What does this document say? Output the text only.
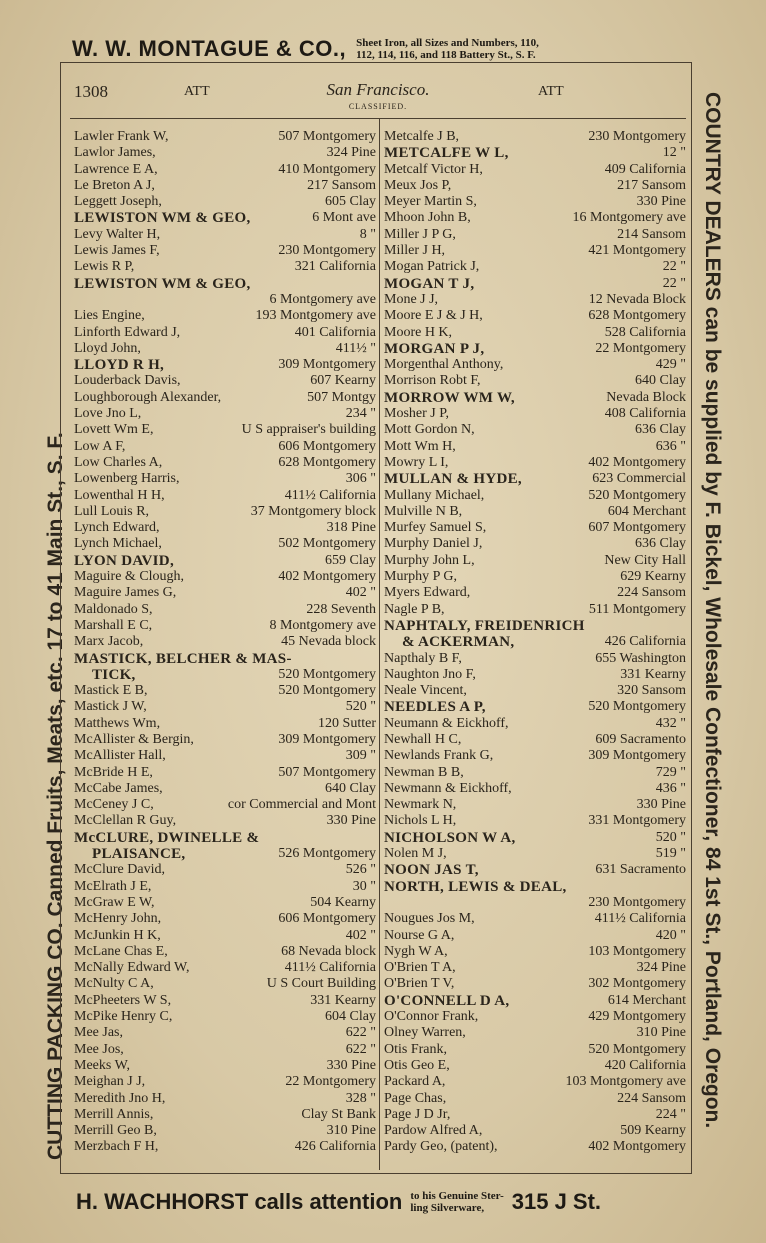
W. W. MONTAGUE & CO., Sheet Iron, all Sizes and Numbers, 110,
112, 114, 116, and 118 Battery St., S. F.
CUTTING PACKING CO. Canned Fruits, Meats, etc. 17 to 41 Main St., S. F.	COUNTRY DEALERS can be supplied by F. Bickel, Wholesale Confectioner, 84 1st St., Portland, Oregon.
1308	ATT	San Francisco.
CLASSIFIED.
ATT
Lawler Frank W,	507 Montgomery
Lawlor James,	324 Pine
Lawrence E A,	410 Montgomery
Le Breton A J,	217 Sansom
Leggett Joseph,	605 Clay
LEWISTON WM & GEO,	6 Mont ave
Levy Walter H,	8 "
Lewis James F,	230 Montgomery
Lewis R P,	321 California
LEWISTON WM & GEO,
6 Montgomery ave
Lies Engine,	193 Montgomery ave
Linforth Edward J,	401 California
Lloyd John,	411½ "
LLOYD R H,	309 Montgomery
Louderback Davis,	607 Kearny
Loughborough Alexander,	507 Montgy
Love Jno L,	234 "
Lovett Wm E,	U S appraiser's building
Low A F,	606 Montgomery
Low Charles A,	628 Montgomery
Lowenberg Harris,	306 "
Lowenthal H H,	411½ California
Lull Louis R,	37 Montgomery block
Lynch Edward,	318 Pine
Lynch Michael,	502 Montgomery
LYON DAVID,	659 Clay
Maguire & Clough,	402 Montgomery
Maguire James G,	402 "
Maldonado S,	228 Seventh
Marshall E C,	8 Montgomery ave
Marx Jacob,	45 Nevada block
MASTICK, BELCHER & MAS-
TICK,	520 Montgomery
Mastick E B,	520 Montgomery
Mastick J W,	520 "
Matthews Wm,	120 Sutter
McAllister & Bergin,	309 Montgomery
McAllister Hall,	309 "
McBride H E,	507 Montgomery
McCabe James,	640 Clay
McCeney J C,	cor Commercial and Mont
McClellan R Guy,	330 Pine
McCLURE, DWINELLE &
PLAISANCE,	526 Montgomery
McClure David,	526 "
McElrath J E,	30 "
McGraw E W,	504 Kearny
McHenry John,	606 Montgomery
McJunkin H K,	402 "
McLane Chas E,	68 Nevada block
McNally Edward W,	411½ California
McNulty C A,	U S Court Building
McPheeters W S,	331 Kearny
McPike Henry C,	604 Clay
Mee Jas,	622 "
Mee Jos,	622 "
Meeks W,	330 Pine
Meighan J J,	22 Montgomery
Meredith Jno H,	328 "
Merrill Annis,	Clay St Bank
Merrill Geo B,	310 Pine
Merzbach F H,	426 California
Metcalfe J B,	230 Montgomery
METCALFE W L,	12 "
Metcalf Victor H,	409 California
Meux Jos P,	217 Sansom
Meyer Martin S,	330 Pine
Mhoon John B,	16 Montgomery ave
Miller J P G,	214 Sansom
Miller J H,	421 Montgomery
Mogan Patrick J,	22 "
MOGAN T J,	22 "
Mone J J,	12 Nevada Block
Moore E J & J H,	628 Montgomery
Moore H K,	528 California
MORGAN P J,	22 Montgomery
Morgenthal Anthony,	429 "
Morrison Robt F,	640 Clay
MORROW WM W,	Nevada Block
Mosher J P,	408 California
Mott Gordon N,	636 Clay
Mott Wm H,	636 "
Mowry L I,	402 Montgomery
MULLAN & HYDE,	623 Commercial
Mullany Michael,	520 Montgomery
Mulville N B,	604 Merchant
Murfey Samuel S,	607 Montgomery
Murphy Daniel J,	636 Clay
Murphy John L,	New City Hall
Murphy P G,	629 Kearny
Myers Edward,	224 Sansom
Nagle P B,	511 Montgomery
NAPHTALY, FREIDENRICH
& ACKERMAN,	426 California
Napthaly B F,	655 Washington
Naughton Jno F,	331 Kearny
Neale Vincent,	320 Sansom
NEEDLES A P,	520 Montgomery
Neumann & Eickhoff,	432 "
Newhall H C,	609 Sacramento
Newlands Frank G,	309 Montgomery
Newman B B,	729 "
Newmann & Eickhoff,	436 "
Newmark N,	330 Pine
Nichols L H,	331 Montgomery
NICHOLSON W A,	520 "
Nolen M J,	519 "
NOON JAS T,	631 Sacramento
NORTH, LEWIS & DEAL,
230 Montgomery
Nougues Jos M,	411½ California
Nourse G A,	420 "
Nygh W A,	103 Montgomery
O'Brien T A,	324 Pine
O'Brien T V,	302 Montgomery
O'CONNELL D A,	614 Merchant
O'Connor Frank,	429 Montgomery
Olney Warren,	310 Pine
Otis Frank,	520 Montgomery
Otis Geo E,	420 California
Packard A,	103 Montgomery ave
Page Chas,	224 Sansom
Page J D Jr,	224 "
Pardow Alfred A,	509 Kearny
Pardy Geo, (patent),	402 Montgomery
H. WACHHORST calls attention to his Genuine Ster-
ling Silverware,	315 J St.
